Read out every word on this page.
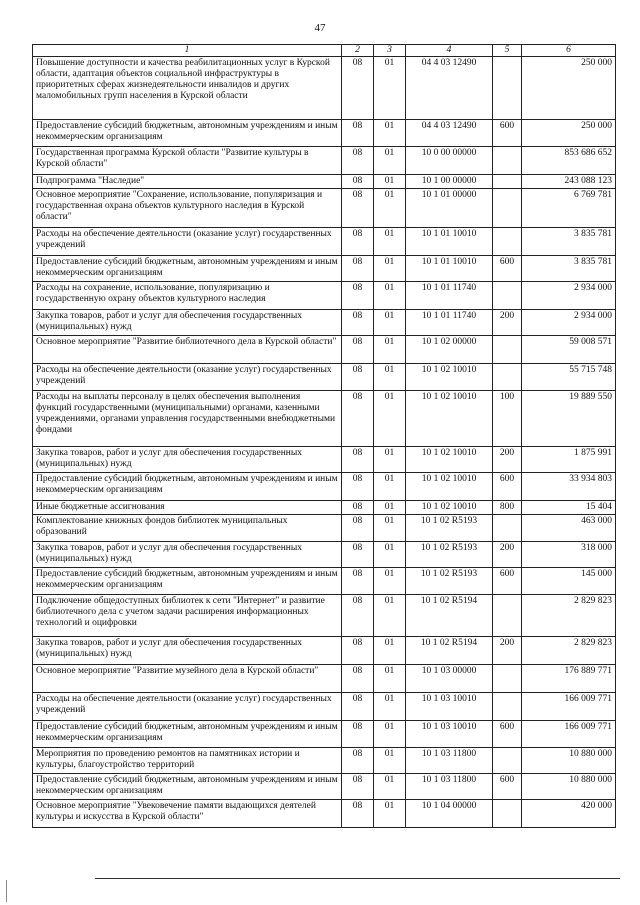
47
1	2	3	4	5	6
Повышение доступности и качества реабилитационных услуг в Курской области, адаптация объектов социальной инфраструктуры в приоритетных сферах жизнедеятельности инвалидов и других маломобильных групп населения в Курской области	08	01	04 4 03 12490		250 000
Предоставление субсидий бюджетным, автономным учреждениям и иным некоммерческим организациям	08	01	04 4 03 12490	600	250 000
Государственная программа Курской области "Развитие культуры в Курской области"	08	01	10 0 00 00000		853 686 652
Подпрограмма "Наследие"	08	01	10 1 00 00000		243 088 123
Основное мероприятие "Сохранение, использование, популяризация и государственная охрана объектов культурного наследия в Курской области"	08	01	10 1 01 00000		6 769 781
Расходы на обеспечение деятельности (оказание услуг) государственных учреждений	08	01	10 1 01 10010		3 835 781
Предоставление субсидий бюджетным, автономным учреждениям и иным некоммерческим организациям	08	01	10 1 01 10010	600	3 835 781
Расходы на сохранение, использование, популяризацию и государственную охрану объектов культурного наследия	08	01	10 1 01 11740		2 934 000
Закупка товаров, работ и услуг для обеспечения государственных (муниципальных) нужд	08	01	10 1 01 11740	200	2 934 000
Основное мероприятие "Развитие библиотечного дела в Курской области"	08	01	10 1 02 00000		59 008 571
Расходы на обеспечение деятельности (оказание услуг) государственных учреждений	08	01	10 1 02 10010		55 715 748
Расходы на выплаты персоналу в целях обеспечения выполнения функций государственными (муниципальными) органами, казенными учреждениями, органами управления государственными внебюджетными фондами	08	01	10 1 02 10010	100	19 889 550
Закупка товаров, работ и услуг для обеспечения государственных (муниципальных) нужд	08	01	10 1 02 10010	200	1 875 991
Предоставление субсидий бюджетным, автономным учреждениям и иным некоммерческим организациям	08	01	10 1 02 10010	600	33 934 803
Иные бюджетные ассигнования	08	01	10 1 02 10010	800	15 404
Комплектование книжных фондов библиотек муниципальных образований	08	01	10 1 02 R5193		463 000
Закупка товаров, работ и услуг для обеспечения государственных (муниципальных) нужд	08	01	10 1 02 R5193	200	318 000
Предоставление субсидий бюджетным, автономным учреждениям и иным некоммерческим организациям	08	01	10 1 02 R5193	600	145 000
Подключение общедоступных библиотек к сети "Интернет" и развитие библиотечного дела с учетом задачи расширения информационных технологий и оцифровки	08	01	10 1 02 R5194		2 829 823
Закупка товаров, работ и услуг для обеспечения государственных (муниципальных) нужд	08	01	10 1 02 R5194	200	2 829 823
Основное мероприятие "Развитие музейного дела в Курской области"	08	01	10 1 03 00000		176 889 771
Расходы на обеспечение деятельности (оказание услуг) государственных учреждений	08	01	10 1 03 10010		166 009 771
Предоставление субсидий бюджетным, автономным учреждениям и иным некоммерческим организациям	08	01	10 1 03 10010	600	166 009 771
Мероприятия по проведению ремонтов на памятниках истории и культуры, благоустройство территорий	08	01	10 1 03 11800		10 880 000
Предоставление субсидий бюджетным, автономным учреждениям и иным некоммерческим организациям	08	01	10 1 03 11800	600	10 880 000
Основное мероприятие "Увековечение памяти выдающихся деятелей культуры и искусства в Курской области"	08	01	10 1 04 00000		420 000
